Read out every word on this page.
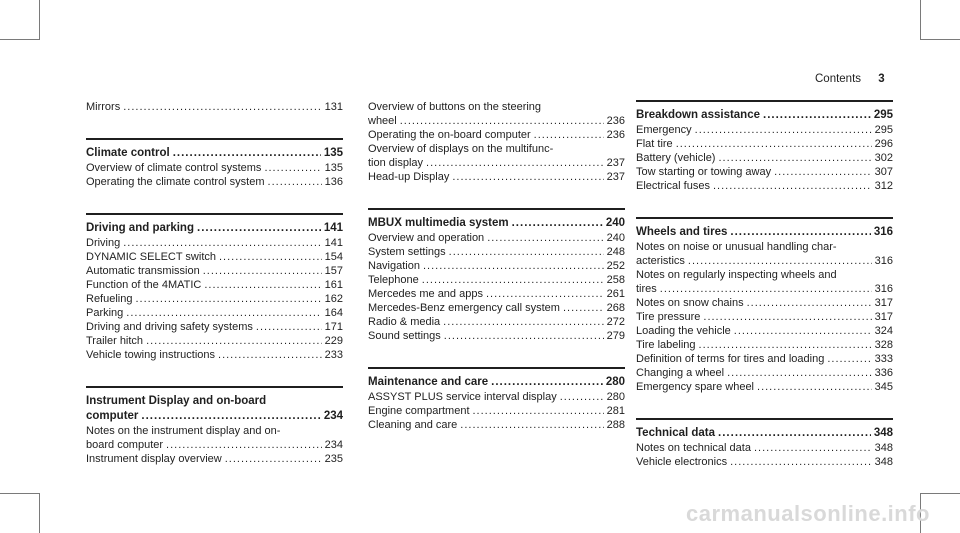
Contents 3
Mirrors .....	131
Climate control .....	135
Overview of climate control systems .....	135
Operating the climate control system .....	136
Driving and parking .....	141
Driving .....	141
DYNAMIC SELECT switch .....	154
Automatic transmission .....	157
Function of the 4MATIC .....	161
Refueling .....	162
Parking .....	164
Driving and driving safety systems .....	171
Trailer hitch .....	229
Vehicle towing instructions .....	233
Instrument Display and on-board
computer .....	234
Notes on the instrument display and on-
board computer .....	234
Instrument display overview .....	235
Overview of buttons on the steering
wheel .....	236
Operating the on-board computer .....	236
Overview of displays on the multifunc-
tion display .....	237
Head-up Display .....	237
MBUX multimedia system .....	240
Overview and operation .....	240
System settings .....	248
Navigation .....	252
Telephone .....	258
Mercedes me and apps .....	261
Mercedes-Benz emergency call system .....	268
Radio & media .....	272
Sound settings .....	279
Maintenance and care .....	280
ASSYST PLUS service interval display .....	280
Engine compartment .....	281
Cleaning and care .....	288
Breakdown assistance .....	295
Emergency .....	295
Flat tire .....	296
Battery (vehicle) .....	302
Tow starting or towing away .....	307
Electrical fuses .....	312
Wheels and tires .....	316
Notes on noise or unusual handling char-
acteristics .....	316
Notes on regularly inspecting wheels and
tires .....	316
Notes on snow chains .....	317
Tire pressure .....	317
Loading the vehicle .....	324
Tire labeling .....	328
Definition of terms for tires and loading .....	333
Changing a wheel .....	336
Emergency spare wheel .....	345
Technical data .....	348
Notes on technical data .....	348
Vehicle electronics .....	348
carmanualsonline.info
